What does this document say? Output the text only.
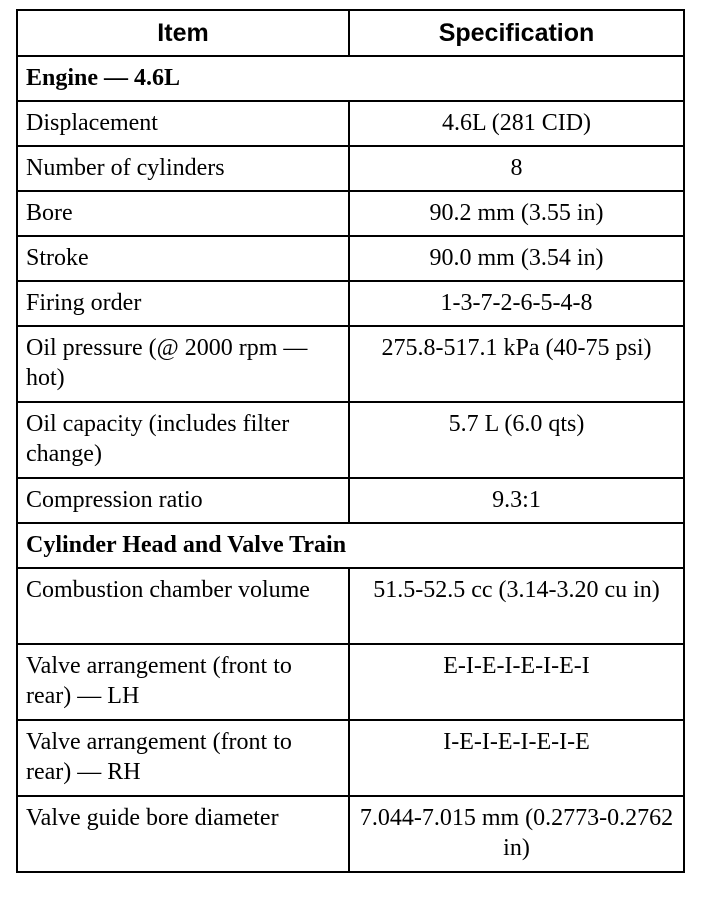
Item	Specification
Engine — 4.6L	
Displacement	4.6L (281 CID)
Number of cylinders	8
Bore	90.2 mm (3.55 in)
Stroke	90.0 mm (3.54 in)
Firing order	1-3-7-2-6-5-4-8
Oil pressure (@ 2000 rpm — hot)	275.8-517.1 kPa (40-75 psi)
Oil capacity (includes filter change)	5.7 L (6.0 qts)
Compression ratio	9.3:1
Cylinder Head and Valve Train	
Combustion chamber volume	51.5-52.5 cc (3.14-3.20 cu in)
Valve arrangement (front to rear) — LH	E-I-E-I-E-I-E-I
Valve arrangement (front to rear) — RH	I-E-I-E-I-E-I-E
Valve guide bore diameter	7.044-7.015 mm (0.2773-0.2762 in)
